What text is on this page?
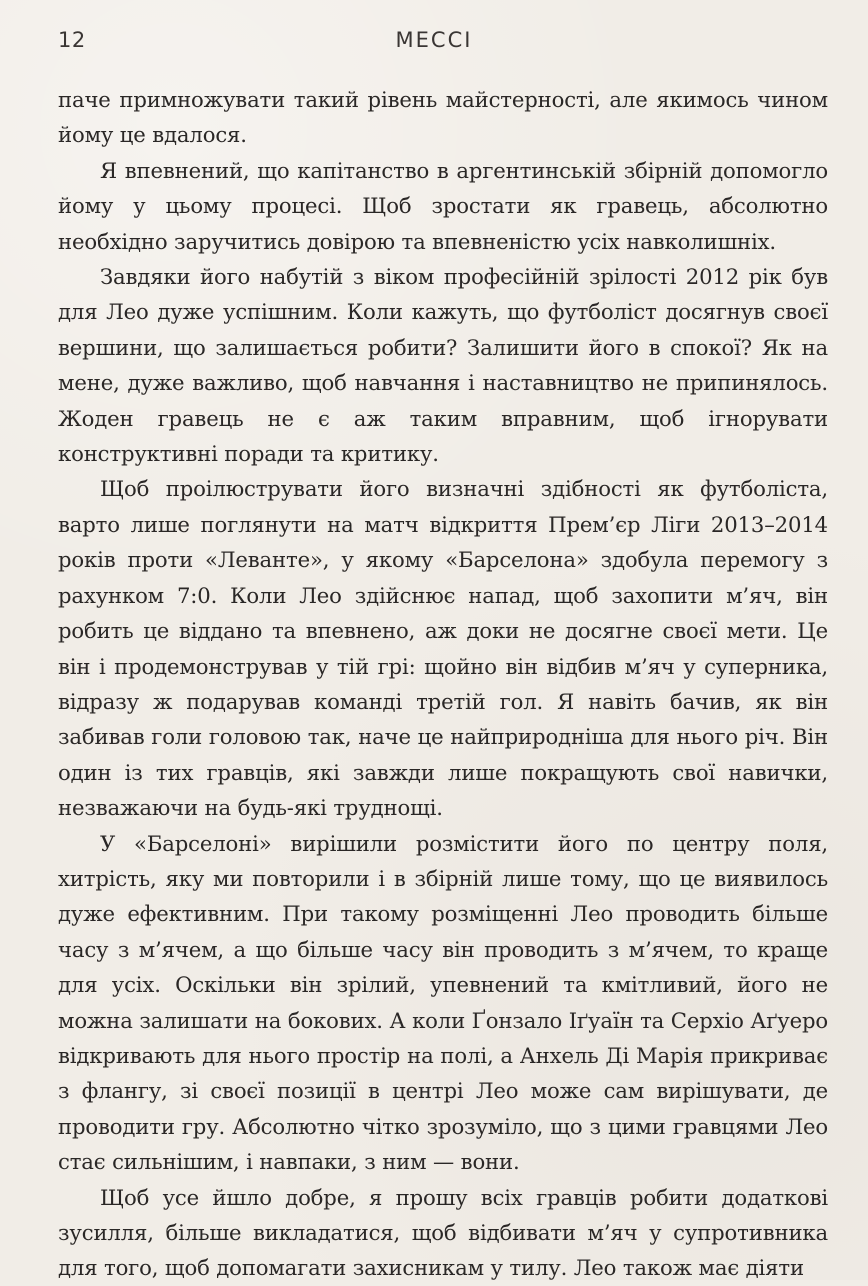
12	МЕССІ

паче примножувати такий рівень майстерності, але якимось чином йому це вдалося.

Я впевнений, що капітанство в аргентинській збірній допомогло йому у цьому процесі. Щоб зростати як гравець, абсолютно необхідно заручитись довірою та впевненістю усіх навколишніх.

Завдяки його набутій з віком професійній зрілості 2012 рік був для Лео дуже успішним. Коли кажуть, що футболіст досягнув своєї вершини, що залишається робити? Залишити його в спокої? Як на мене, дуже важливо, щоб навчання і наставництво не припинялось. Жоден гравець не є аж таким вправним, щоб ігнорувати конструктивні поради та критику.

Щоб проілюструвати його визначні здібності як футболіста, варто лише поглянути на матч відкриття Прем’єр Ліги 2013–2014 років проти «Леванте», у якому «Барселона» здобула перемогу з рахунком 7:0. Коли Лео здійснює напад, щоб захопити м’яч, він робить це віддано та впевнено, аж доки не досягне своєї мети. Це він і продемонстрував у тій грі: щойно він відбив м’яч у суперника, відразу ж подарував команді третій гол. Я навіть бачив, як він забивав голи головою так, наче це найприродніша для нього річ. Він один із тих гравців, які завжди лише покращують свої навички, незважаючи на будь-які труднощі.

У «Барселоні» вирішили розмістити його по центру поля, хитрість, яку ми повторили і в збірній лише тому, що це виявилось дуже ефективним. При такому розміщенні Лео проводить більше часу з м’ячем, а що більше часу він проводить з м’ячем, то краще для усіх. Оскільки він зрілий, упевнений та кмітливий, його не можна залишати на бокових. А коли Ґонзало Іґуаїн та Серхіо Аґуеро відкривають для нього простір на полі, а Анхель Ді Марія прикриває з флангу, зі своєї позиції в центрі Лео може сам вирішувати, де проводити гру. Абсолютно чітко зрозуміло, що з цими гравцями Лео стає сильнішим, і навпаки, з ним — вони.

Щоб усе йшло добре, я прошу всіх гравців робити додаткові зусилля, більше викладатися, щоб відбивати м’яч у супротивника для того, щоб допомагати захисникам у тилу. Лео також має діяти
